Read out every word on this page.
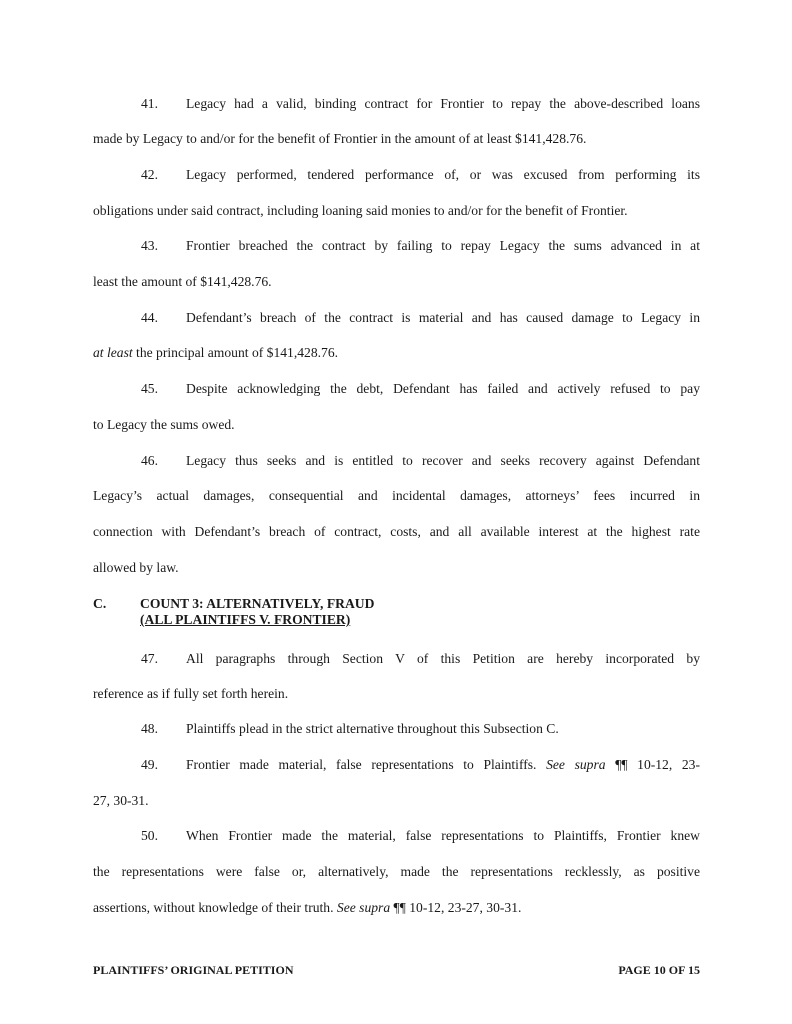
41. Legacy had a valid, binding contract for Frontier to repay the above-described loans
made by Legacy to and/or for the benefit of Frontier in the amount of at least $141,428.76.
42. Legacy performed, tendered performance of, or was excused from performing its
obligations under said contract, including loaning said monies to and/or for the benefit of Frontier.
43. Frontier breached the contract by failing to repay Legacy the sums advanced in at
least the amount of $141,428.76.
44. Defendant’s breach of the contract is material and has caused damage to Legacy in
at least the principal amount of $141,428.76.
45. Despite acknowledging the debt, Defendant has failed and actively refused to pay
to Legacy the sums owed.
46. Legacy thus seeks and is entitled to recover and seeks recovery against Defendant
Legacy’s actual damages, consequential and incidental damages, attorneys’ fees incurred in
connection with Defendant’s breach of contract, costs, and all available interest at the highest rate
allowed by law.
C. COUNT 3: ALTERNATIVELY, FRAUD
(ALL PLAINTIFFS V. FRONTIER)
47. All paragraphs through Section V of this Petition are hereby incorporated by
reference as if fully set forth herein.
48. Plaintiffs plead in the strict alternative throughout this Subsection C.
49. Frontier made material, false representations to Plaintiffs. See supra ¶¶ 10-12, 23-
27, 30-31.
50. When Frontier made the material, false representations to Plaintiffs, Frontier knew
the representations were false or, alternatively, made the representations recklessly, as positive
assertions, without knowledge of their truth. See supra ¶¶ 10-12, 23-27, 30-31.
PLAINTIFFS’ ORIGINAL PETITION	PAGE 10 OF 15
